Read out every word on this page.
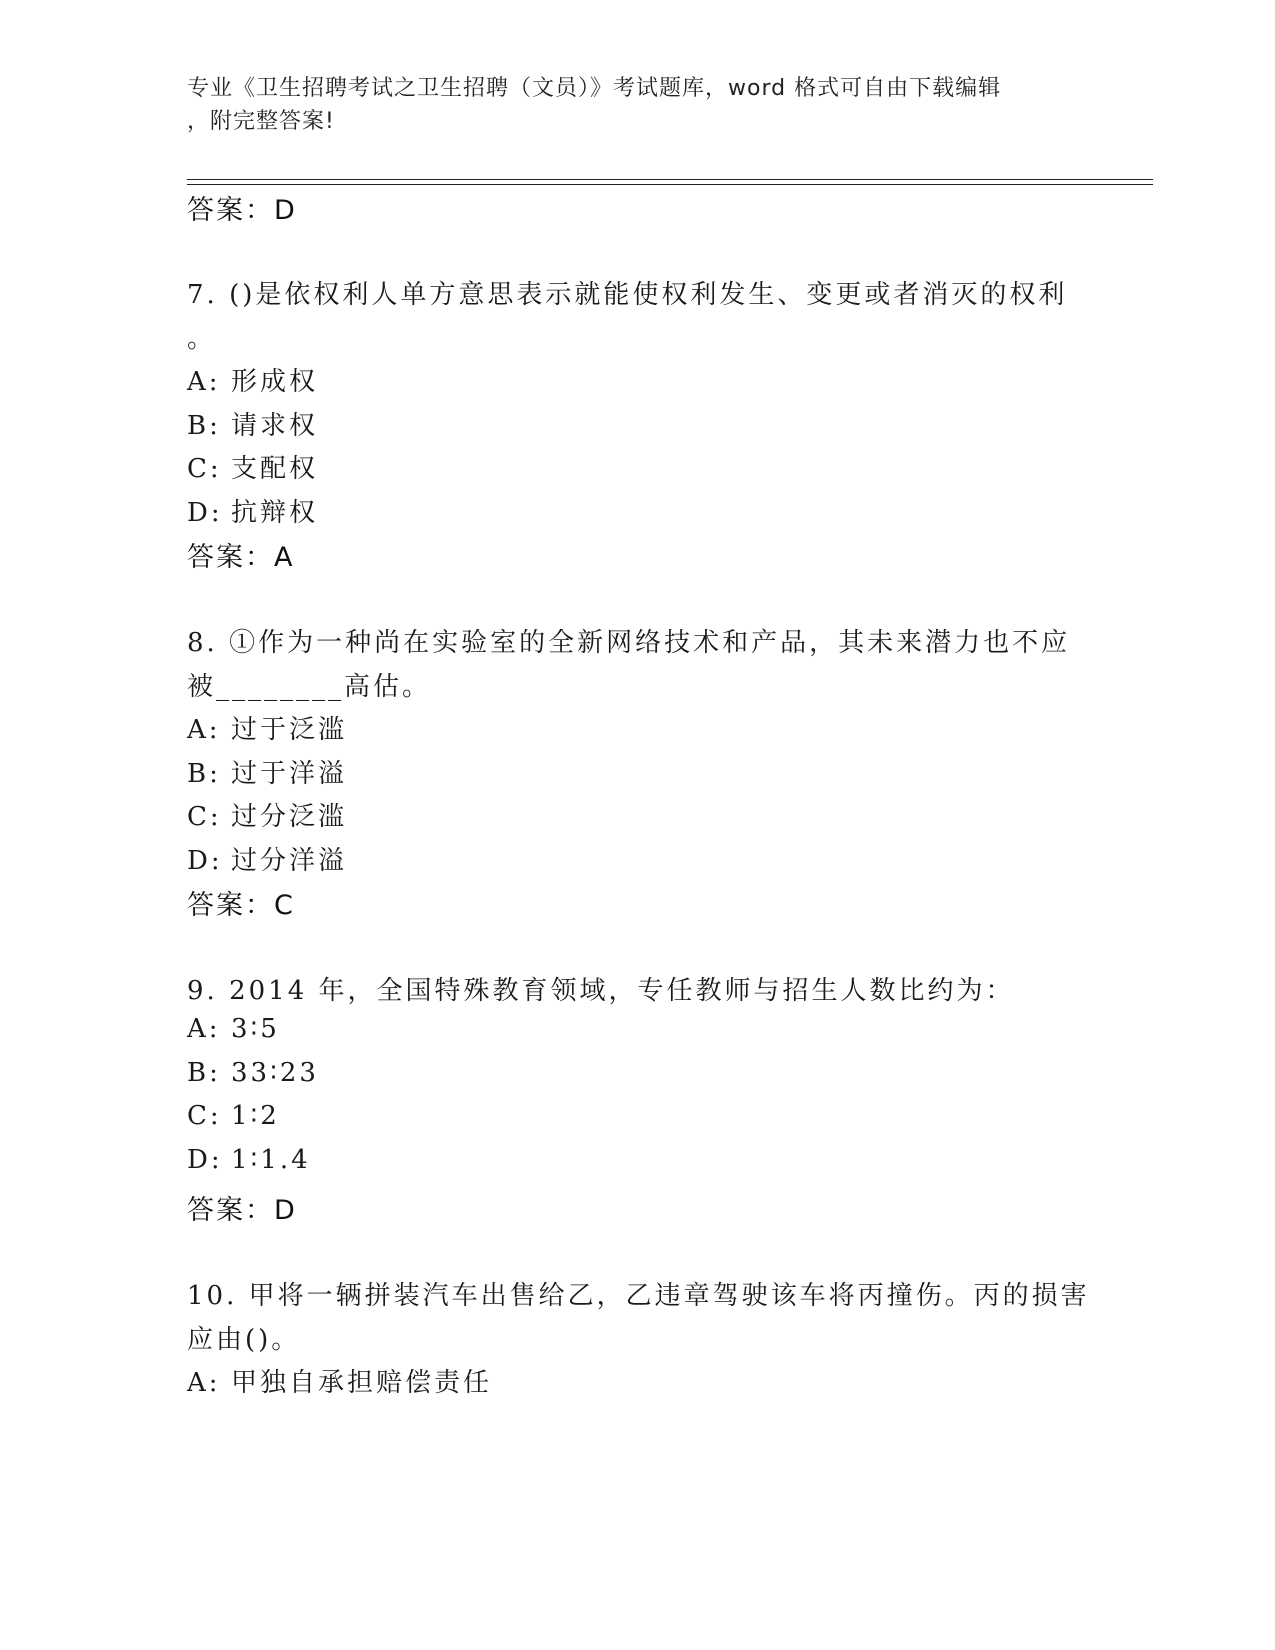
专业《卫生招聘考试之卫生招聘（文员）》考试题库，word 格式可自由下载编辑
，附完整答案!
答案：D
7. ()是依权利人单方意思表示就能使权利发生、变更或者消灭的权利
。
A: 形成权
B: 请求权
C: 支配权
D: 抗辩权
答案：A
8. ①作为一种尚在实验室的全新网络技术和产品，其未来潜力也不应
被________高估。
A: 过于泛滥
B: 过于洋溢
C: 过分泛滥
D: 过分洋溢
答案：C
9. 2014 年，全国特殊教育领域，专任教师与招生人数比约为：
A: 3∶5
B: 33∶23
C: 1∶2
D: 1∶1.4
答案：D
10. 甲将一辆拼装汽车出售给乙，乙违章驾驶该车将丙撞伤。丙的损害
应由()。
A: 甲独自承担赔偿责任
